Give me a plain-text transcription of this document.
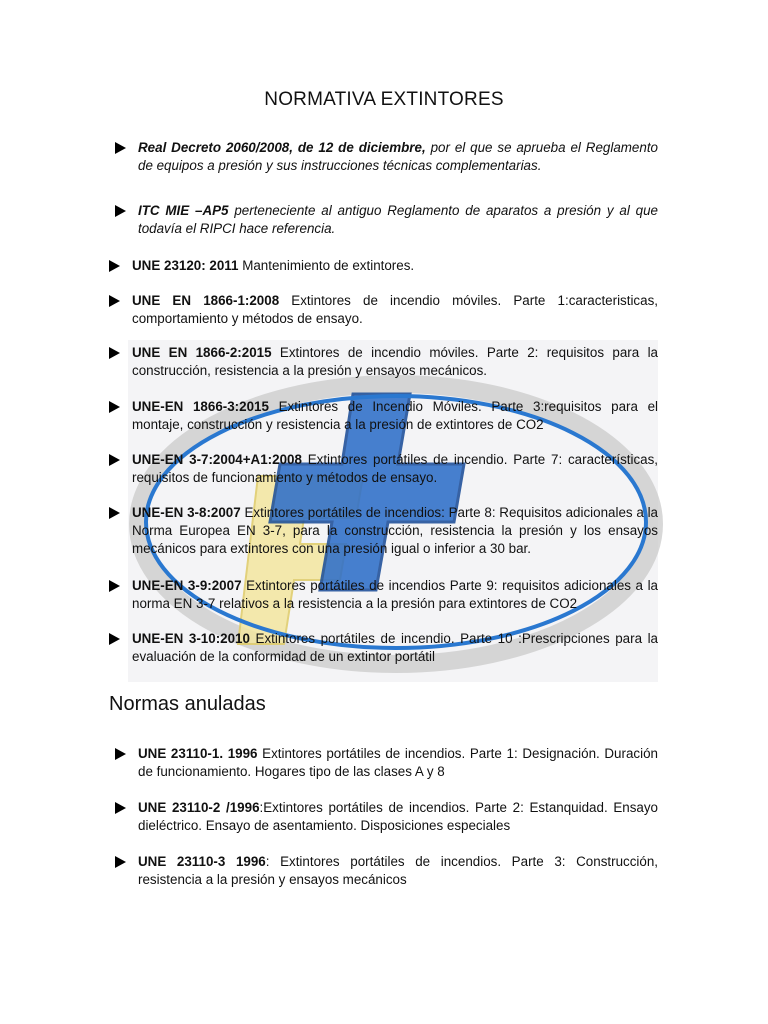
NORMATIVA EXTINTORES
Real Decreto 2060/2008, de 12 de diciembre, por el que se aprueba el Reglamento de equipos a presión y sus instrucciones técnicas complementarias.
ITC MIE –AP5 perteneciente al antiguo Reglamento de aparatos a presión y al que todavía el RIPCI hace referencia.
UNE 23120: 2011 Mantenimiento de extintores.
UNE EN 1866-1:2008 Extintores de incendio móviles. Parte 1:caracteristicas, comportamiento y métodos de ensayo.
UNE EN 1866-2:2015 Extintores de incendio móviles. Parte 2: requisitos para la construcción, resistencia a la presión y ensayos mecánicos.
UNE-EN 1866-3:2015 Extintores de Incendio Móviles. Parte 3:requisitos para el montaje, construcción y resistencia a la presión de extintores de CO2
UNE-EN 3-7:2004+A1:2008 Extintores portátiles de incendio. Parte 7: características, requisitos de funcionamiento y métodos de ensayo.
UNE-EN 3-8:2007 Extintores portátiles de incendios: Parte 8: Requisitos adicionales a la Norma Europea EN 3-7, para la construcción, resistencia la presión y los ensayos mecánicos para extintores con una presión igual o inferior a 30 bar.
UNE-EN 3-9:2007 Extintores portátiles de incendios Parte 9: requisitos adicionales a la norma EN 3-7 relativos a la resistencia a la presión para extintores de CO2
UNE-EN 3-10:2010 Extintores portátiles de incendio. Parte 10 :Prescripciones para la evaluación de la conformidad de un extintor portátil
Normas anuladas
UNE 23110-1. 1996 Extintores portátiles de incendios. Parte 1: Designación. Duración de funcionamiento. Hogares tipo de las clases A y 8
UNE 23110-2 /1996:Extintores portátiles de incendios. Parte 2: Estanquidad. Ensayo dieléctrico. Ensayo de asentamiento. Disposiciones especiales
UNE 23110-3 1996: Extintores portátiles de incendios. Parte 3: Construcción, resistencia a la presión y ensayos mecánicos
